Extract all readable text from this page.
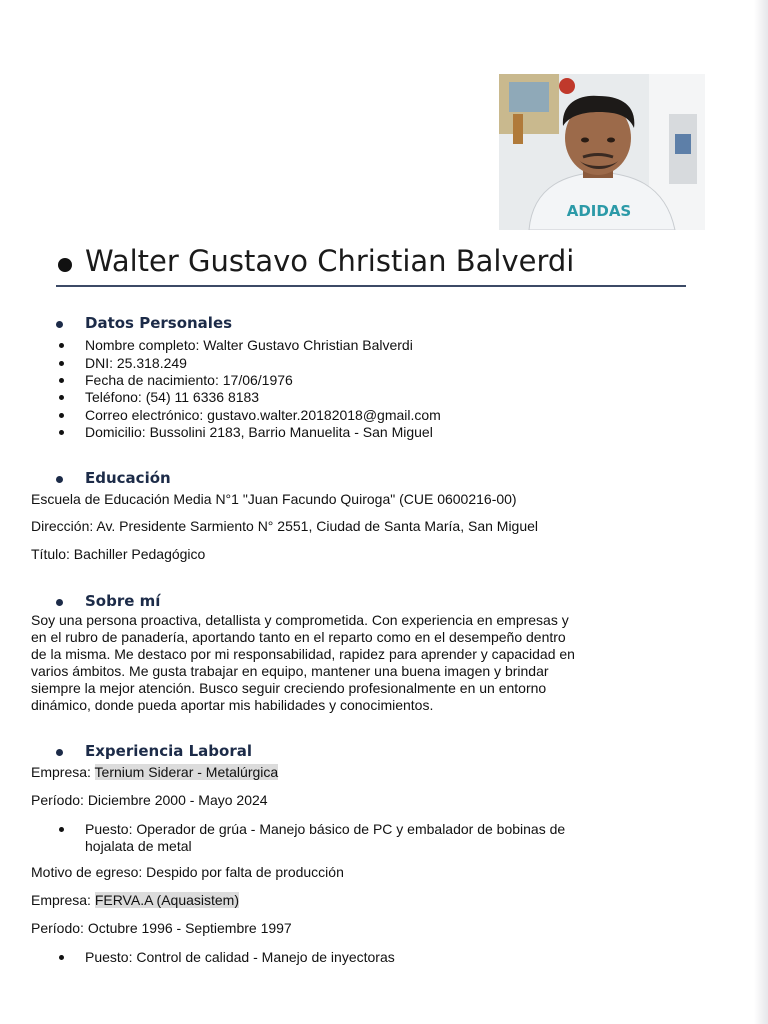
ADIDAS
Walter Gustavo Christian Balverdi
Datos Personales
Nombre completo: Walter Gustavo Christian Balverdi
DNI: 25.318.249
Fecha de nacimiento: 17/06/1976
Teléfono: (54) 11 6336 8183
Correo electrónico: gustavo.walter.20182018@gmail.com
Domicilio: Bussolini 2183, Barrio Manuelita - San Miguel
Educación
Escuela de Educación Media N°1 "Juan Facundo Quiroga" (CUE 0600216-00)
Dirección: Av. Presidente Sarmiento N° 2551, Ciudad de Santa María, San Miguel
Título: Bachiller Pedagógico
Sobre mí
Soy una persona proactiva, detallista y comprometida. Con experiencia en empresas y
en el rubro de panadería, aportando tanto en el reparto como en el desempeño dentro
de la misma. Me destaco por mi responsabilidad, rapidez para aprender y capacidad en
varios ámbitos. Me gusta trabajar en equipo, mantener una buena imagen y brindar
siempre la mejor atención. Busco seguir creciendo profesionalmente en un entorno
dinámico, donde pueda aportar mis habilidades y conocimientos.
Experiencia Laboral
Empresa: Ternium Siderar - Metalúrgica
Período: Diciembre 2000 - Mayo 2024
Puesto: Operador de grúa - Manejo básico de PC y embalador de bobinas de
hojalata de metal
Motivo de egreso: Despido por falta de producción
Empresa: FERVA.A (Aquasistem)
Período: Octubre 1996 - Septiembre 1997
Puesto: Control de calidad - Manejo de inyectoras
